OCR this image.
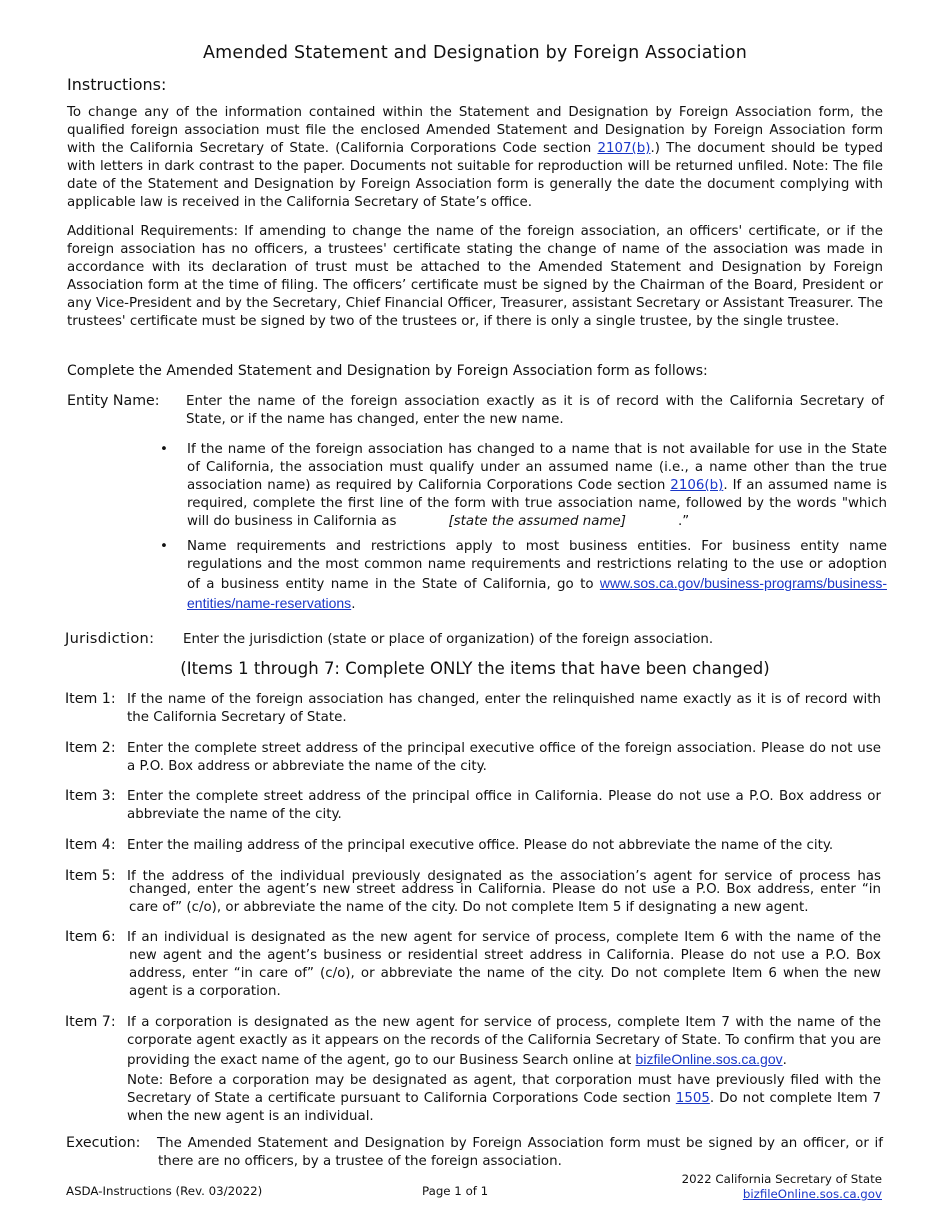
Amended Statement and Designation by Foreign Association
Instructions:
To change any of the information contained within the Statement and Designation by Foreign Association form, the qualified foreign association must file the enclosed Amended Statement and Designation by Foreign Association form with the California Secretary of State. (California Corporations Code section 2107(b).) The document should be typed with letters in dark contrast to the paper. Documents not suitable for reproduction will be returned unfiled. Note: The file date of the Statement and Designation by Foreign Association form is generally the date the document complying with applicable law is received in the California Secretary of State’s office.
Additional Requirements: If amending to change the name of the foreign association, an officers' certificate, or if the foreign association has no officers, a trustees' certificate stating the change of name of the association was made in accordance with its declaration of trust must be attached to the Amended Statement and Designation by Foreign Association form at the time of filing. The officers’ certificate must be signed by the Chairman of the Board, President or any Vice-President and by the Secretary, Chief Financial Officer, Treasurer, assistant Secretary or Assistant Treasurer. The trustees' certificate must be signed by two of the trustees or, if there is only a single trustee, by the single trustee.
Complete the Amended Statement and Designation by Foreign Association form as follows:
Entity Name: Enter the name of the foreign association exactly as it is of record with the California Secretary of State, or if the name has changed, enter the new name.
• If the name of the foreign association has changed to a name that is not available for use in the State of California, the association must qualify under an assumed name (i.e., a name other than the true association name) as required by California Corporations Code section 2106(b). If an assumed name is required, complete the first line of the form with true association name, followed by the words "which will do business in California as	[state the assumed name]	.”
• Name requirements and restrictions apply to most business entities. For business entity name regulations and the most common name requirements and restrictions relating to the use or adoption of a business entity name in the State of California, go to www.sos.ca.gov/business-programs/business-entities/name-reservations.
Jurisdiction: Enter the jurisdiction (state or place of organization) of the foreign association.
(Items 1 through 7: Complete ONLY the items that have been changed)
Item 1: If the name of the foreign association has changed, enter the relinquished name exactly as it is of record with the California Secretary of State.
Item 2: Enter the complete street address of the principal executive office of the foreign association. Please do not use a P.O. Box address or abbreviate the name of the city.
Item 3: Enter the complete street address of the principal office in California. Please do not use a P.O. Box address or abbreviate the name of the city.
Item 4: Enter the mailing address of the principal executive office. Please do not abbreviate the name of the city.
Item 5: If the address of the individual previously designated as the association’s agent for service of process has
changed, enter the agent’s new street address in California. Please do not use a P.O. Box address, enter “in care of” (c/o), or abbreviate the name of the city. Do not complete Item 5 if designating a new agent.
Item 6: If an individual is designated as the new agent for service of process, complete Item 6 with the name of the
new agent and the agent’s business or residential street address in California. Please do not use a P.O. Box address, enter “in care of” (c/o), or abbreviate the name of the city. Do not complete Item 6 when the new agent is a corporation.
Item 7: If a corporation is designated as the new agent for service of process, complete Item 7 with the name of the corporate agent exactly as it appears on the records of the California Secretary of State. To confirm that you are providing the exact name of the agent, go to our Business Search online at bizfileOnline.sos.ca.gov.
Note: Before a corporation may be designated as agent, that corporation must have previously filed with the Secretary of State a certificate pursuant to California Corporations Code section 1505. Do not complete Item 7 when the new agent is an individual.
Execution: The Amended Statement and Designation by Foreign Association form must be signed by an officer, or if
there are no officers, by a trustee of the foreign association.
ASDA-Instructions (Rev. 03/2022)	Page 1 of 1
2022 California Secretary of State
bizfileOnline.sos.ca.gov
